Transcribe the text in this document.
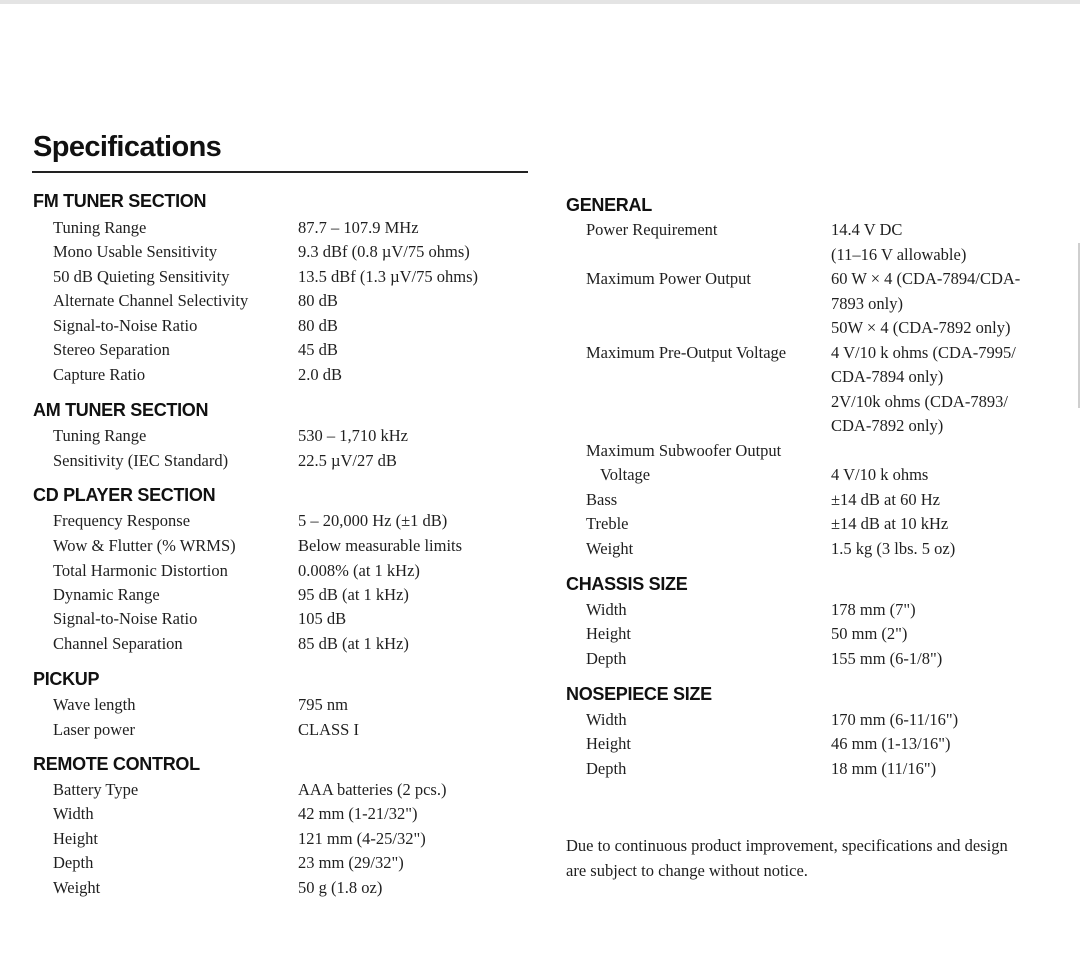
Specifications
FM TUNER SECTION
Tuning Range	87.7 – 107.9 MHz
Mono Usable Sensitivity	9.3 dBf (0.8 µV/75 ohms)
50 dB Quieting Sensitivity	13.5 dBf (1.3 µV/75 ohms)
Alternate Channel Selectivity	80 dB
Signal-to-Noise Ratio	80 dB
Stereo Separation	45 dB
Capture Ratio	2.0 dB
AM TUNER SECTION
Tuning Range	530 – 1,710 kHz
Sensitivity (IEC Standard)	22.5 µV/27 dB
CD PLAYER SECTION
Frequency Response	5 – 20,000 Hz (±1 dB)
Wow & Flutter (% WRMS)	Below measurable limits
Total Harmonic Distortion	0.008% (at 1 kHz)
Dynamic Range	95 dB (at 1 kHz)
Signal-to-Noise Ratio	105 dB
Channel Separation	85 dB (at 1 kHz)
PICKUP
Wave length	795 nm
Laser power	CLASS I
REMOTE CONTROL
Battery Type	AAA batteries (2 pcs.)
Width	42 mm (1-21/32")
Height	121 mm (4-25/32")
Depth	23 mm (29/32")
Weight	50 g (1.8 oz)
GENERAL
Power Requirement	14.4 V DC
(11–16 V allowable)
Maximum Power Output	60 W × 4 (CDA-7894/CDA-
7893 only)
50W × 4 (CDA-7892 only)
Maximum Pre-Output Voltage	4 V/10 k ohms (CDA-7995/
CDA-7894 only)
2V/10k ohms (CDA-7893/
CDA-7892 only)
Maximum Subwoofer Output
Voltage	4 V/10 k ohms
Bass	±14 dB at 60 Hz
Treble	±14 dB at 10 kHz
Weight	1.5 kg (3 lbs. 5 oz)
CHASSIS SIZE
Width	178 mm (7")
Height	50 mm (2")
Depth	155 mm (6-1/8")
NOSEPIECE SIZE
Width	170 mm (6-11/16")
Height	46 mm (1-13/16")
Depth	18 mm (11/16")

Due to continuous product improvement, specifications and design
are subject to change without notice.
